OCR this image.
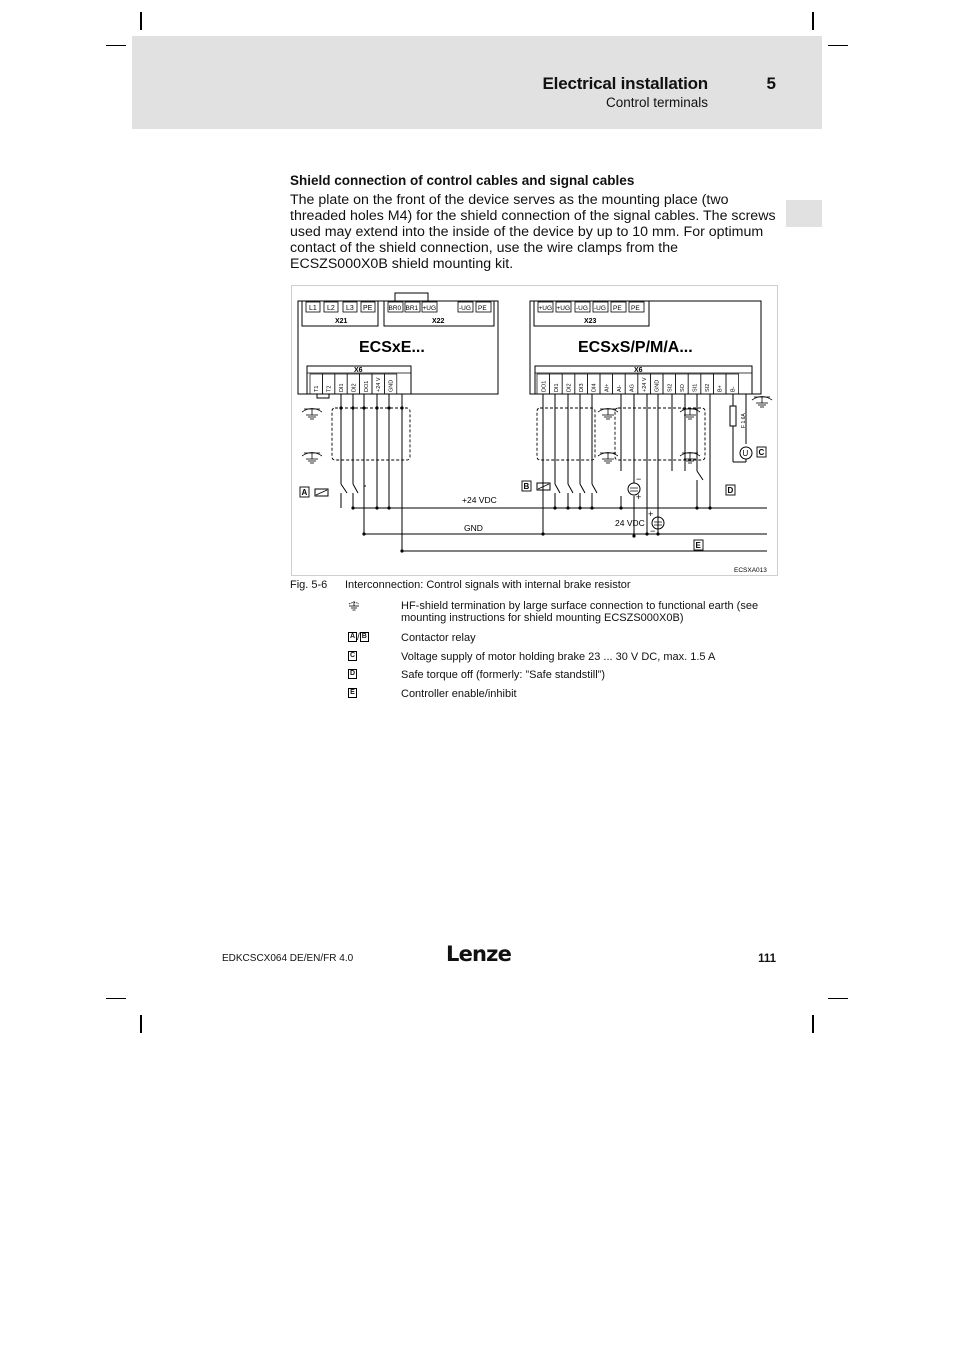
Electrical installation	5
Control terminals
Shield connection of control cables and signal cables
The plate on the front of the device serves as the mounting place (two threaded holes M4) for the shield connection of the signal cables. The screws used may extend into the inside of the device by up to 10 mm. For optimum contact of the shield connection, use the wire clamps from the ECSZS000X0B shield mounting kit.
L1 L2 L3 PE
X21
BR0 BR1 +UG	-UG PE
X22
ECSxE...
X6
T1 T2 DI1 DI2 DO1 +24 V GND
+UG +UG -UG -UG PE PE
X23
ECSxS/P/M/A...
X6
DO1 DI1 DI2 DI3 DI4 AI+ AI- AG +24 V GND SI2 SO SI1 SI2 B+ B-
F 1.6A
U
−
+
+
−
A
B
C
D
E
+24 VDC
GND	24 VDC
ECSXA013
Fig. 5-6 Interconnection: Control signals with internal brake resistor
HF-shield termination by large surface connection to functional earth (see mounting instructions for shield mounting ECSZS000X0B)
A / B	Contactor relay
C	Voltage supply of motor holding brake 23 ... 30 V DC, max. 1.5 A
D	Safe torque off (formerly: ”Safe standstill”)
E	Controller enable/inhibit
EDKCSCX064 DE/EN/FR 4.0	Lenze	111
